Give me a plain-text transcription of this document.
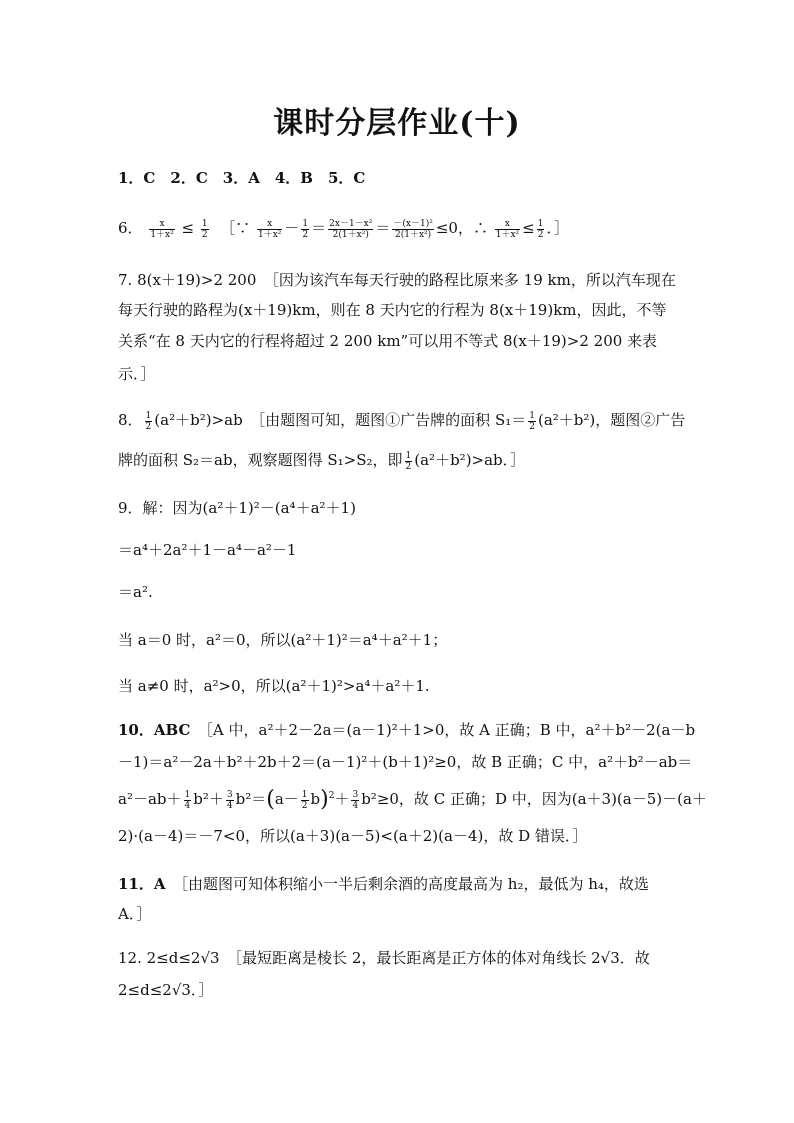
课时分层作业(十)
1．C　2．C　3．A　4．B　5．C
6． $\frac{x}{\text{1＋x²}} \le \frac{1}{2}$ ［∵ $\frac{x}{\text{1＋x²}} - \frac{1}{2} = \frac{\text{2x－1－x²}}{\text{2(1＋x²)}} = \frac{\text{－(x－1)²}}{\text{2(1＋x²)}} \le 0$，∴ $\frac{x}{\text{1＋x²}} \le \frac{1}{2}$ ．］
7. 8(x＋19)>2 200　［因为该汽车每天行驶的路程比原来多 19 km，所以汽车现在
每天行驶的路程为(x＋19)km，则在 8 天内它的行程为 8(x＋19)km，因此，不等
关系“在 8 天内它的行程将超过 2 200 km”可以用不等式 8(x＋19)>2 200 来表
示．］
8． $\frac{1}{2} (a^2+b^2)>ab$　［由题图可知，题图①广告牌的面积 $S_1= \frac{1}{2} (a^2+b^2)$，题图②广告
牌的面积 S₂＝ab，观察题图得 S₁>S₂，即 $\frac{1}{2} (a^2+b^2)>ab$．］
9．解：因为(a²＋1)²－(a⁴＋a²＋1)
＝a⁴＋2a²＋1－a⁴－a²－1
＝a².
当 a＝0 时，a²＝0，所以(a²＋1)²＝a⁴＋a²＋1；
当 a≠0 时，a²>0，所以(a²＋1)²>a⁴＋a²＋1.
10．ABC　［A 中，a²＋2－2a＝(a－1)²＋1>0，故 A 正确；B 中，a²＋b²－2(a－b
－1)＝a²－2a＋b²＋2b＋2＝(a－1)²＋(b＋1)²≥0，故 B 正确；C 中，a²＋b²－ab＝
$a^2-ab+ \frac{1}{4} b^2+ \frac{3}{4} b^2=(a- \frac{1}{2} b)^2+ \frac{3}{4} b^2\ge 0$，故 C 正确；D 中，因为(a＋3)(a－5)－(a＋
2)·(a－4)＝－7<0，所以(a＋3)(a－5)<(a＋2)(a－4)，故 D 错误．］
11．A　［由题图可知体积缩小一半后剩余酒的高度最高为 h₂，最低为 h₄，故选
A．］
12. 2≤d≤2√3　［最短距离是棱长 2，最长距离是正方体的体对角线长 2√3．故
2≤d≤2√3．］
